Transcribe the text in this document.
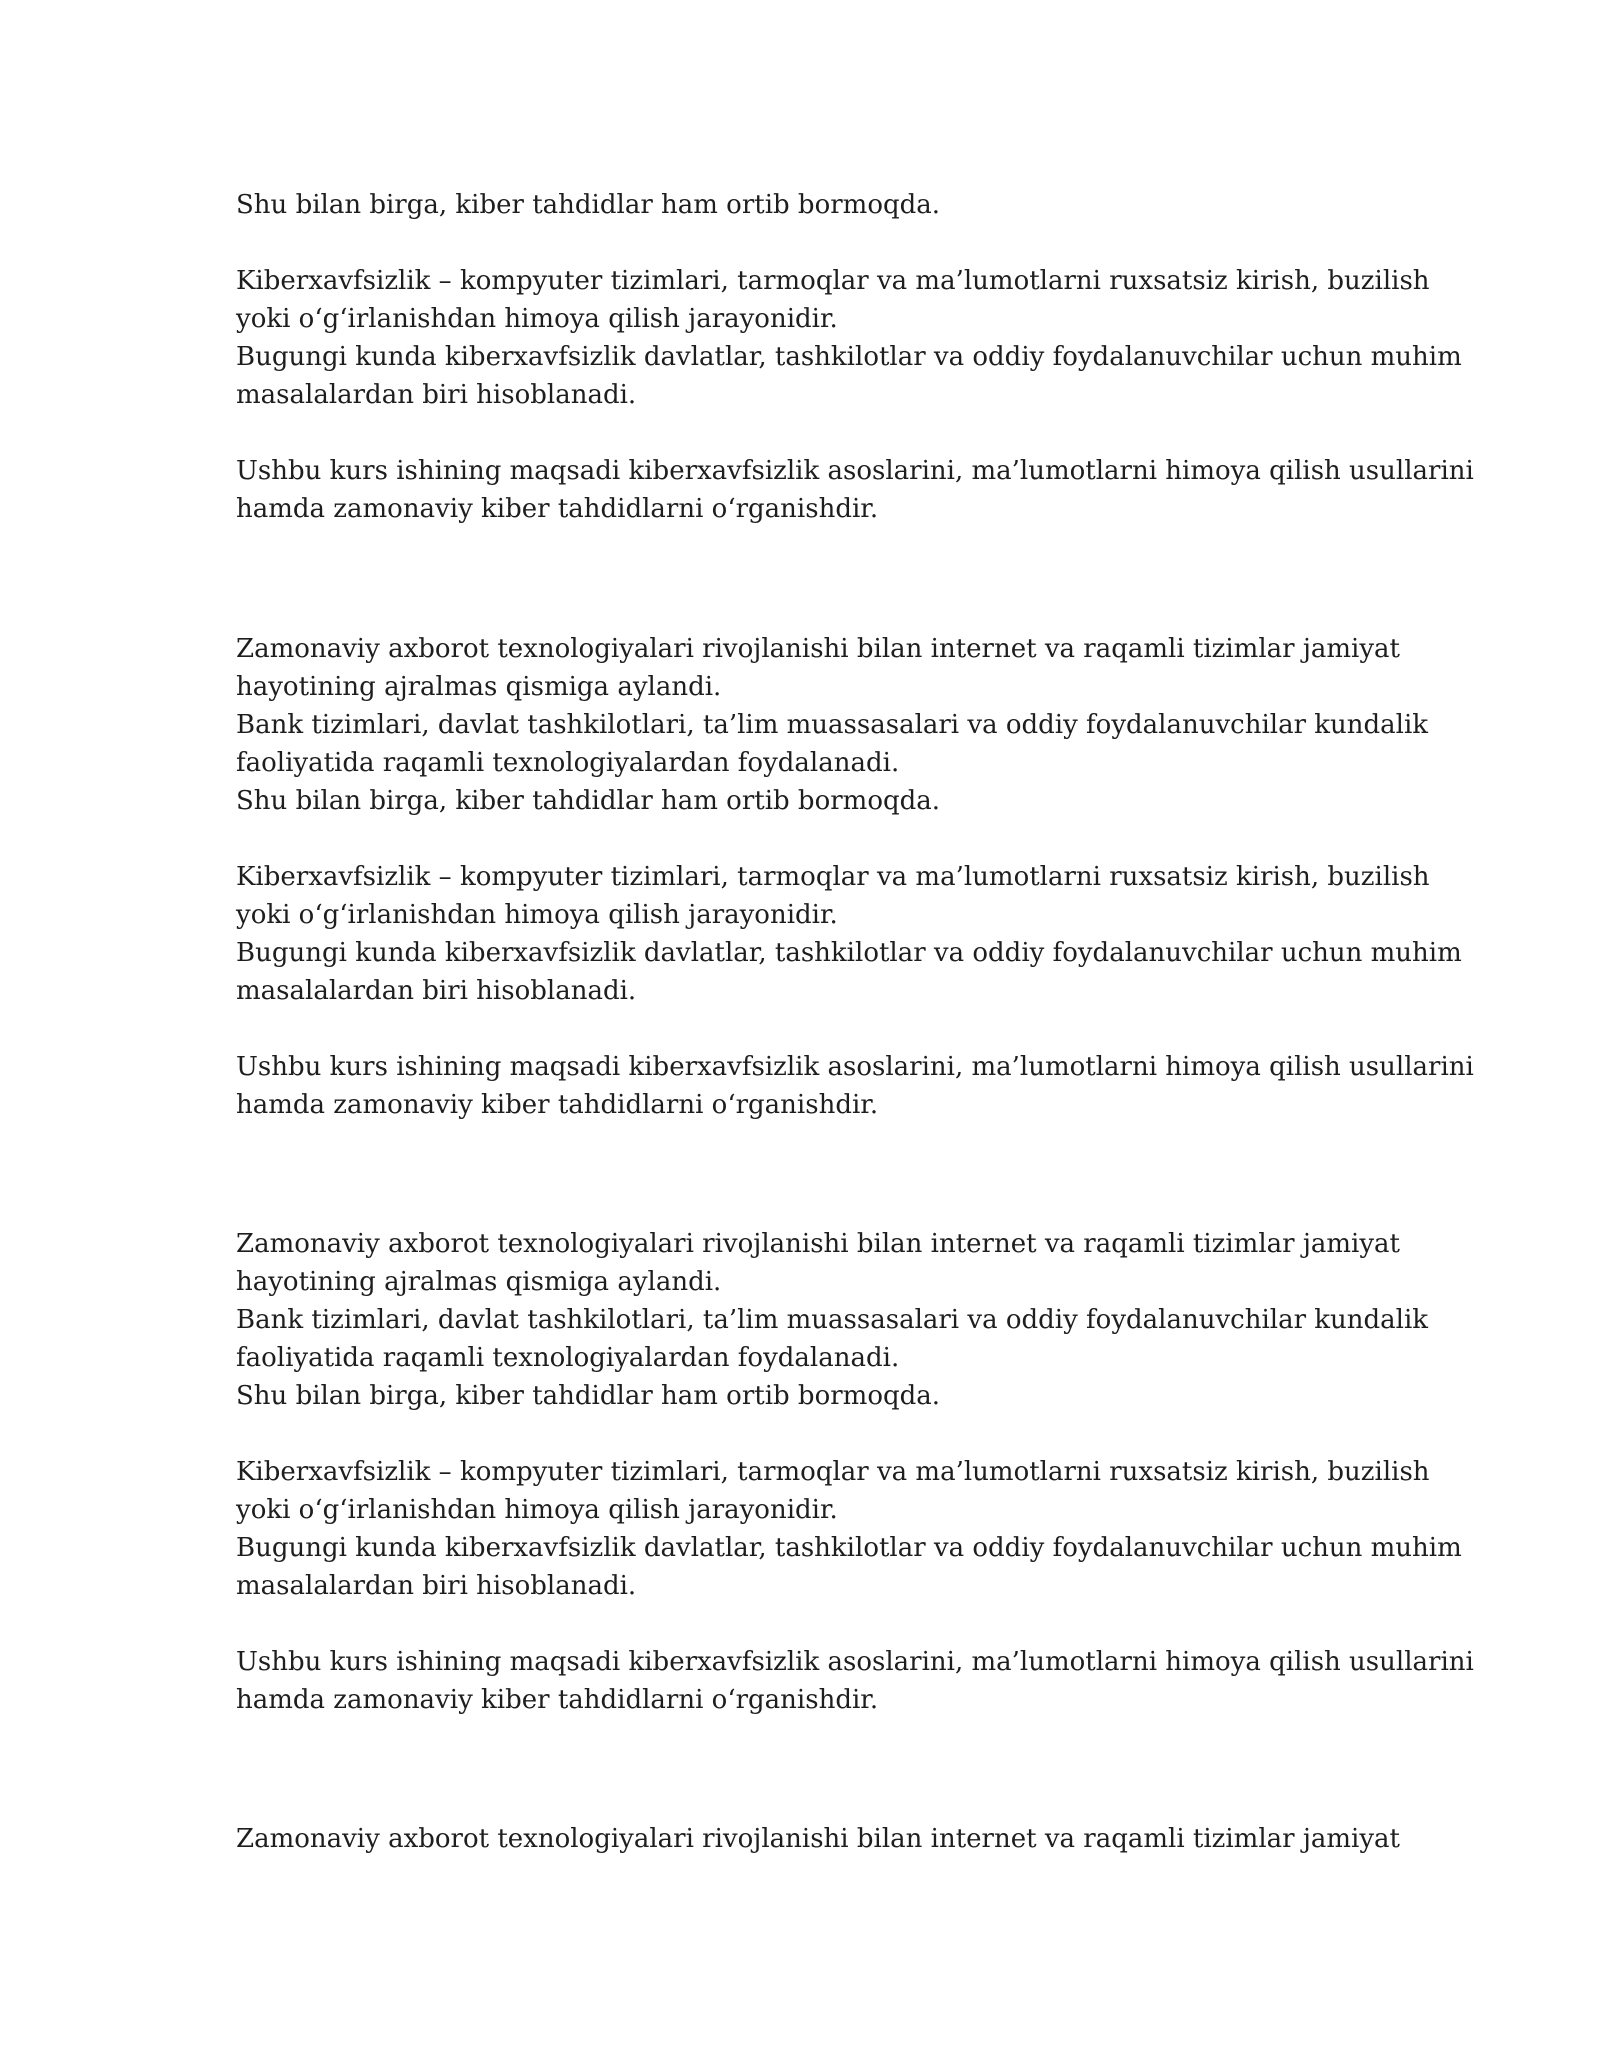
Shu bilan birga, kiber tahdidlar ham ortib bormoqda.

Kiberxavfsizlik – kompyuter tizimlari, tarmoqlar va ma’lumotlarni ruxsatsiz kirish, buzilish

yoki o‘g‘irlanishdan himoya qilish jarayonidir.

Bugungi kunda kiberxavfsizlik davlatlar, tashkilotlar va oddiy foydalanuvchilar uchun muhim

masalalardan biri hisoblanadi.

Ushbu kurs ishining maqsadi kiberxavfsizlik asoslarini, ma’lumotlarni himoya qilish usullarini

hamda zamonaviy kiber tahdidlarni o‘rganishdir.

Zamonaviy axborot texnologiyalari rivojlanishi bilan internet va raqamli tizimlar jamiyat

hayotining ajralmas qismiga aylandi.

Bank tizimlari, davlat tashkilotlari, ta’lim muassasalari va oddiy foydalanuvchilar kundalik

faoliyatida raqamli texnologiyalardan foydalanadi.

Shu bilan birga, kiber tahdidlar ham ortib bormoqda.

Kiberxavfsizlik – kompyuter tizimlari, tarmoqlar va ma’lumotlarni ruxsatsiz kirish, buzilish

yoki o‘g‘irlanishdan himoya qilish jarayonidir.

Bugungi kunda kiberxavfsizlik davlatlar, tashkilotlar va oddiy foydalanuvchilar uchun muhim

masalalardan biri hisoblanadi.

Ushbu kurs ishining maqsadi kiberxavfsizlik asoslarini, ma’lumotlarni himoya qilish usullarini

hamda zamonaviy kiber tahdidlarni o‘rganishdir.

Zamonaviy axborot texnologiyalari rivojlanishi bilan internet va raqamli tizimlar jamiyat

hayotining ajralmas qismiga aylandi.

Bank tizimlari, davlat tashkilotlari, ta’lim muassasalari va oddiy foydalanuvchilar kundalik

faoliyatida raqamli texnologiyalardan foydalanadi.

Shu bilan birga, kiber tahdidlar ham ortib bormoqda.

Kiberxavfsizlik – kompyuter tizimlari, tarmoqlar va ma’lumotlarni ruxsatsiz kirish, buzilish

yoki o‘g‘irlanishdan himoya qilish jarayonidir.

Bugungi kunda kiberxavfsizlik davlatlar, tashkilotlar va oddiy foydalanuvchilar uchun muhim

masalalardan biri hisoblanadi.

Ushbu kurs ishining maqsadi kiberxavfsizlik asoslarini, ma’lumotlarni himoya qilish usullarini

hamda zamonaviy kiber tahdidlarni o‘rganishdir.

Zamonaviy axborot texnologiyalari rivojlanishi bilan internet va raqamli tizimlar jamiyat
